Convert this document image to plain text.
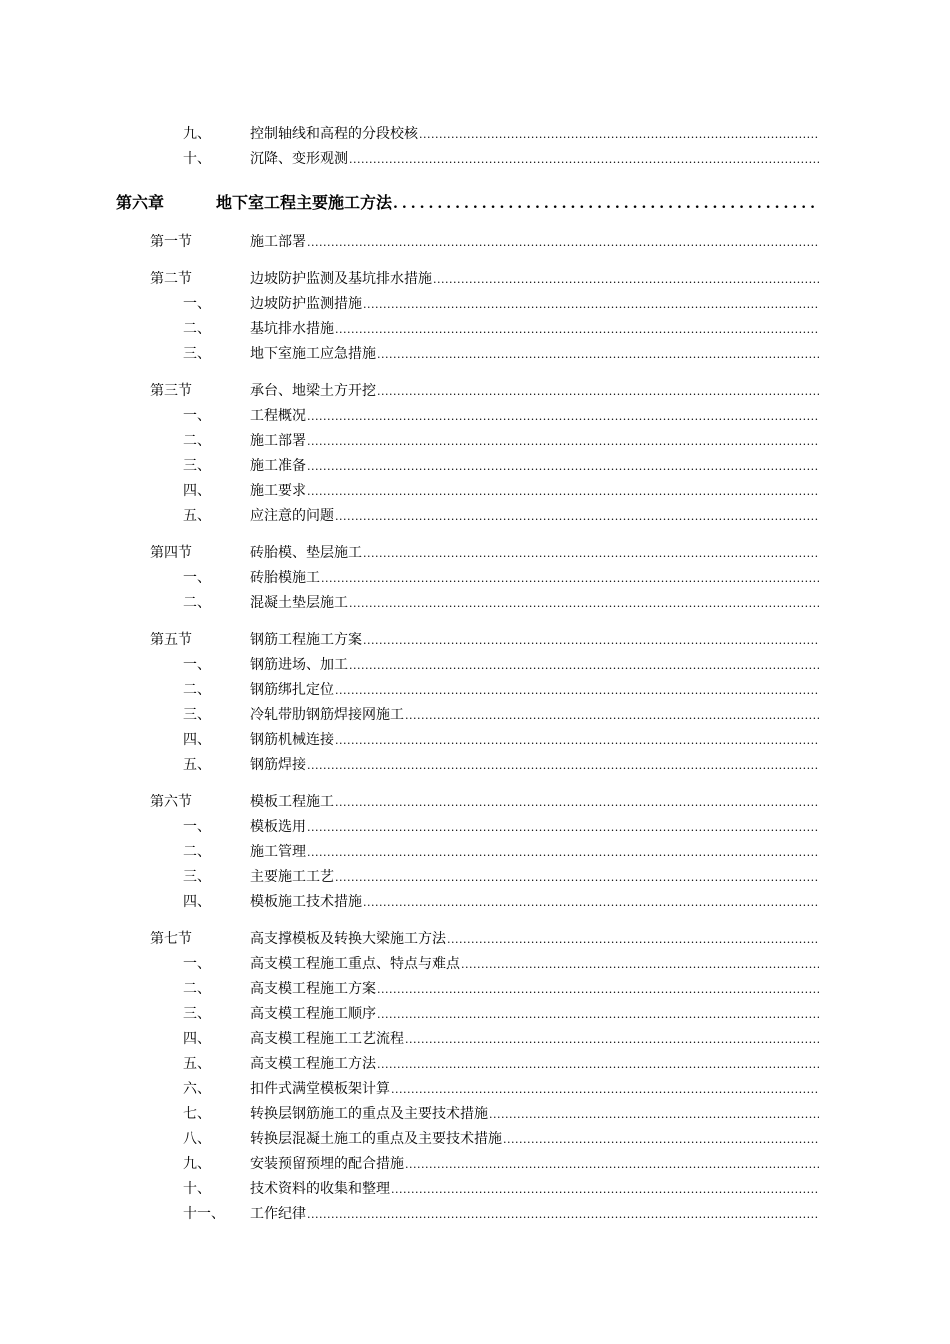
九、	控制轴线和高程的分段校核
.....
十、	沉降、变形观测
.....
第六章	地下室工程主要施工方法
.....
第一节	施工部署
.....
第二节	边坡防护监测及基坑排水措施
.....
一、	边坡防护监测措施
.....
二、	基坑排水措施
.....
三、	地下室施工应急措施
.....
第三节	承台、地梁土方开挖
.....
一、	工程概况
.....
二、	施工部署
.....
三、	施工准备
.....
四、	施工要求
.....
五、	应注意的问题
.....
第四节	砖胎模、垫层施工
.....
一、	砖胎模施工
.....
二、	混凝土垫层施工
.....
第五节	钢筋工程施工方案
.....
一、	钢筋进场、加工
.....
二、	钢筋绑扎定位
.....
三、	冷轧带肋钢筋焊接网施工
.....
四、	钢筋机械连接
.....
五、	钢筋焊接
.....
第六节	模板工程施工
.....
一、	模板选用
.....
二、	施工管理
.....
三、	主要施工工艺
.....
四、	模板施工技术措施
.....
第七节	高支撑模板及转换大梁施工方法
.....
一、	高支模工程施工重点、特点与难点
.....
二、	高支模工程施工方案
.....
三、	高支模工程施工顺序
.....
四、	高支模工程施工工艺流程
.....
五、	高支模工程施工方法
.....
六、	扣件式满堂模板架计算
.....
七、	转换层钢筋施工的重点及主要技术措施
.....
八、	转换层混凝土施工的重点及主要技术措施
.....
九、	安装预留预埋的配合措施
.....
十、	技术资料的收集和整理
.....
十一、 工作纪律
.....
